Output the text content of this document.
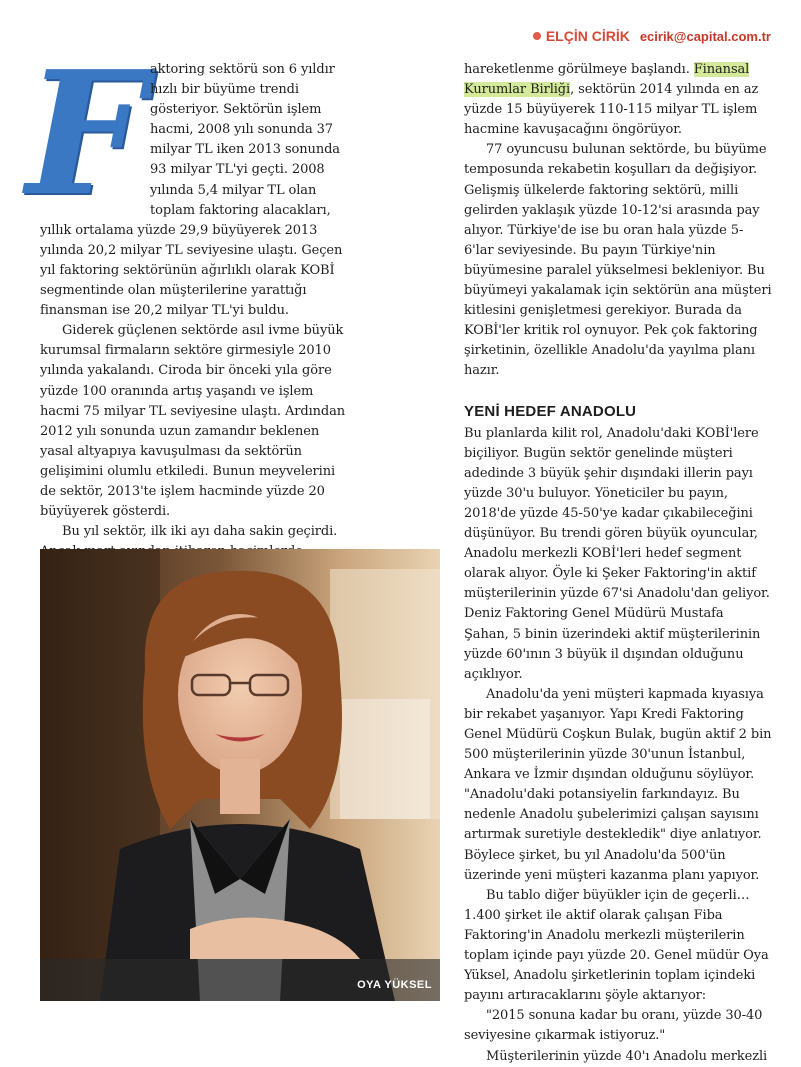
ELÇİN CİRİK ecirik@capital.com.tr

Faktoring sektörü son 6 yıldır hızlı bir büyüme trendi gösteriyor. Sektörün işlem hacmi, 2008 yılı sonunda 37 milyar TL iken 2013 sonunda 93 milyar TL'yi geçti. 2008 yılında 5,4 milyar TL olan toplam faktoring alacakları, yıllık ortalama yüzde 29,9 büyüyerek 2013 yılında 20,2 milyar TL seviyesine ulaştı. Geçen yıl faktoring sektörünün ağırlıklı olarak KOBİ segmentinde olan müşterilerine yarattığı finansman ise 20,2 milyar TL'yi buldu.

Giderek güçlenen sektörde asıl ivme büyük kurumsal firmaların sektöre girmesiyle 2010 yılında yakalandı. Ciroda bir önceki yıla göre yüzde 100 oranında artış yaşandı ve işlem hacmi 75 milyar TL seviyesine ulaştı. Ardından 2012 yılı sonunda uzun zamandır beklenen yasal altyapıya kavuşulması da sektörün gelişimini olumlu etkiledi. Bunun meyvelerini de sektör, 2013'te işlem hacminde yüzde 20 büyüyerek gösterdi.

Bu yıl sektör, ilk iki ayı daha sakin geçirdi.

OYA YÜKSEL

hareketlenme görülmeye başlandı. Finansal Kurumlar Birliği, sektörün 2014 yılında en az yüzde 15 büyüyerek 110-115 milyar TL işlem hacmine kavuşacağını öngörüyor.

77 oyuncusu bulunan sektörde, bu büyüme temposunda rekabetin koşulları da değişiyor. Gelişmiş ülkelerde faktoring sektörü, milli gelirden yaklaşık yüzde 10-12'si arasında pay alıyor. Türkiye'de ise bu oran hala yüzde 5-6'lar seviyesinde. Bu payın Türkiye'nin büyümesine paralel yükselmesi bekleniyor. Bu büyümeyi yakalamak için sektörün ana müşteri kitlesini genişletmesi gerekiyor. Burada da KOBİ'ler kritik rol oynuyor. Pek çok faktoring şirketinin, özellikle Anadolu'da yayılma planı hazır.

YENİ HEDEF ANADOLU

Bu planlarda kilit rol, Anadolu'daki KOBİ'lere biçiliyor. Bugün sektör genelinde müşteri adedinde 3 büyük şehir dışındaki illerin payı yüzde 30'u buluyor. Yöneticiler bu payın, 2018'de yüzde 45-50'ye kadar çıkabileceğini düşünüyor. Bu trendi gören büyük oyuncular, Anadolu merkezli KOBİ'leri hedef segment olarak alıyor. Öyle ki Şeker Faktoring'in aktif müşterilerinin yüzde 67'si Anadolu'dan geliyor. Deniz Faktoring Genel Müdürü Mustafa Şahan, 5 binin üzerindeki aktif müşterilerinin yüzde 60'ının 3 büyük il dışından olduğunu açıklıyor.

Anadolu'da yeni müşteri kapmada kıyasıya bir rekabet yaşanıyor. Yapı Kredi Faktoring Genel Müdürü Coşkun Bulak, bugün aktif 2 bin 500 müşterilerinin yüzde 30'unun İstanbul, Ankara ve İzmir dışından olduğunu söylüyor. "Anadolu'daki potansiyelin farkındayız. Bu nedenle Anadolu şubelerimizi çalışan sayısını artırmak suretiyle destekledik" diye anlatıyor. Böylece şirket, bu yıl Anadolu'da 500'ün üzerinde yeni müşteri kazanma planı yapıyor.

Bu tablo diğer büyükler için de geçerli… 1.400 şirket ile aktif olarak çalışan Fiba Faktoring'in Anadolu merkezli müşterilerin toplam içinde payı yüzde 20. Genel müdür Oya Yüksel, Anadolu şirketlerinin toplam içindeki payını artıracaklarını şöyle aktarıyor:

"2015 sonuna kadar bu oranı, yüzde 30-40 seviyesine çıkarmak istiyoruz."

Müşterilerinin yüzde 40'ı Anadolu merkezli
